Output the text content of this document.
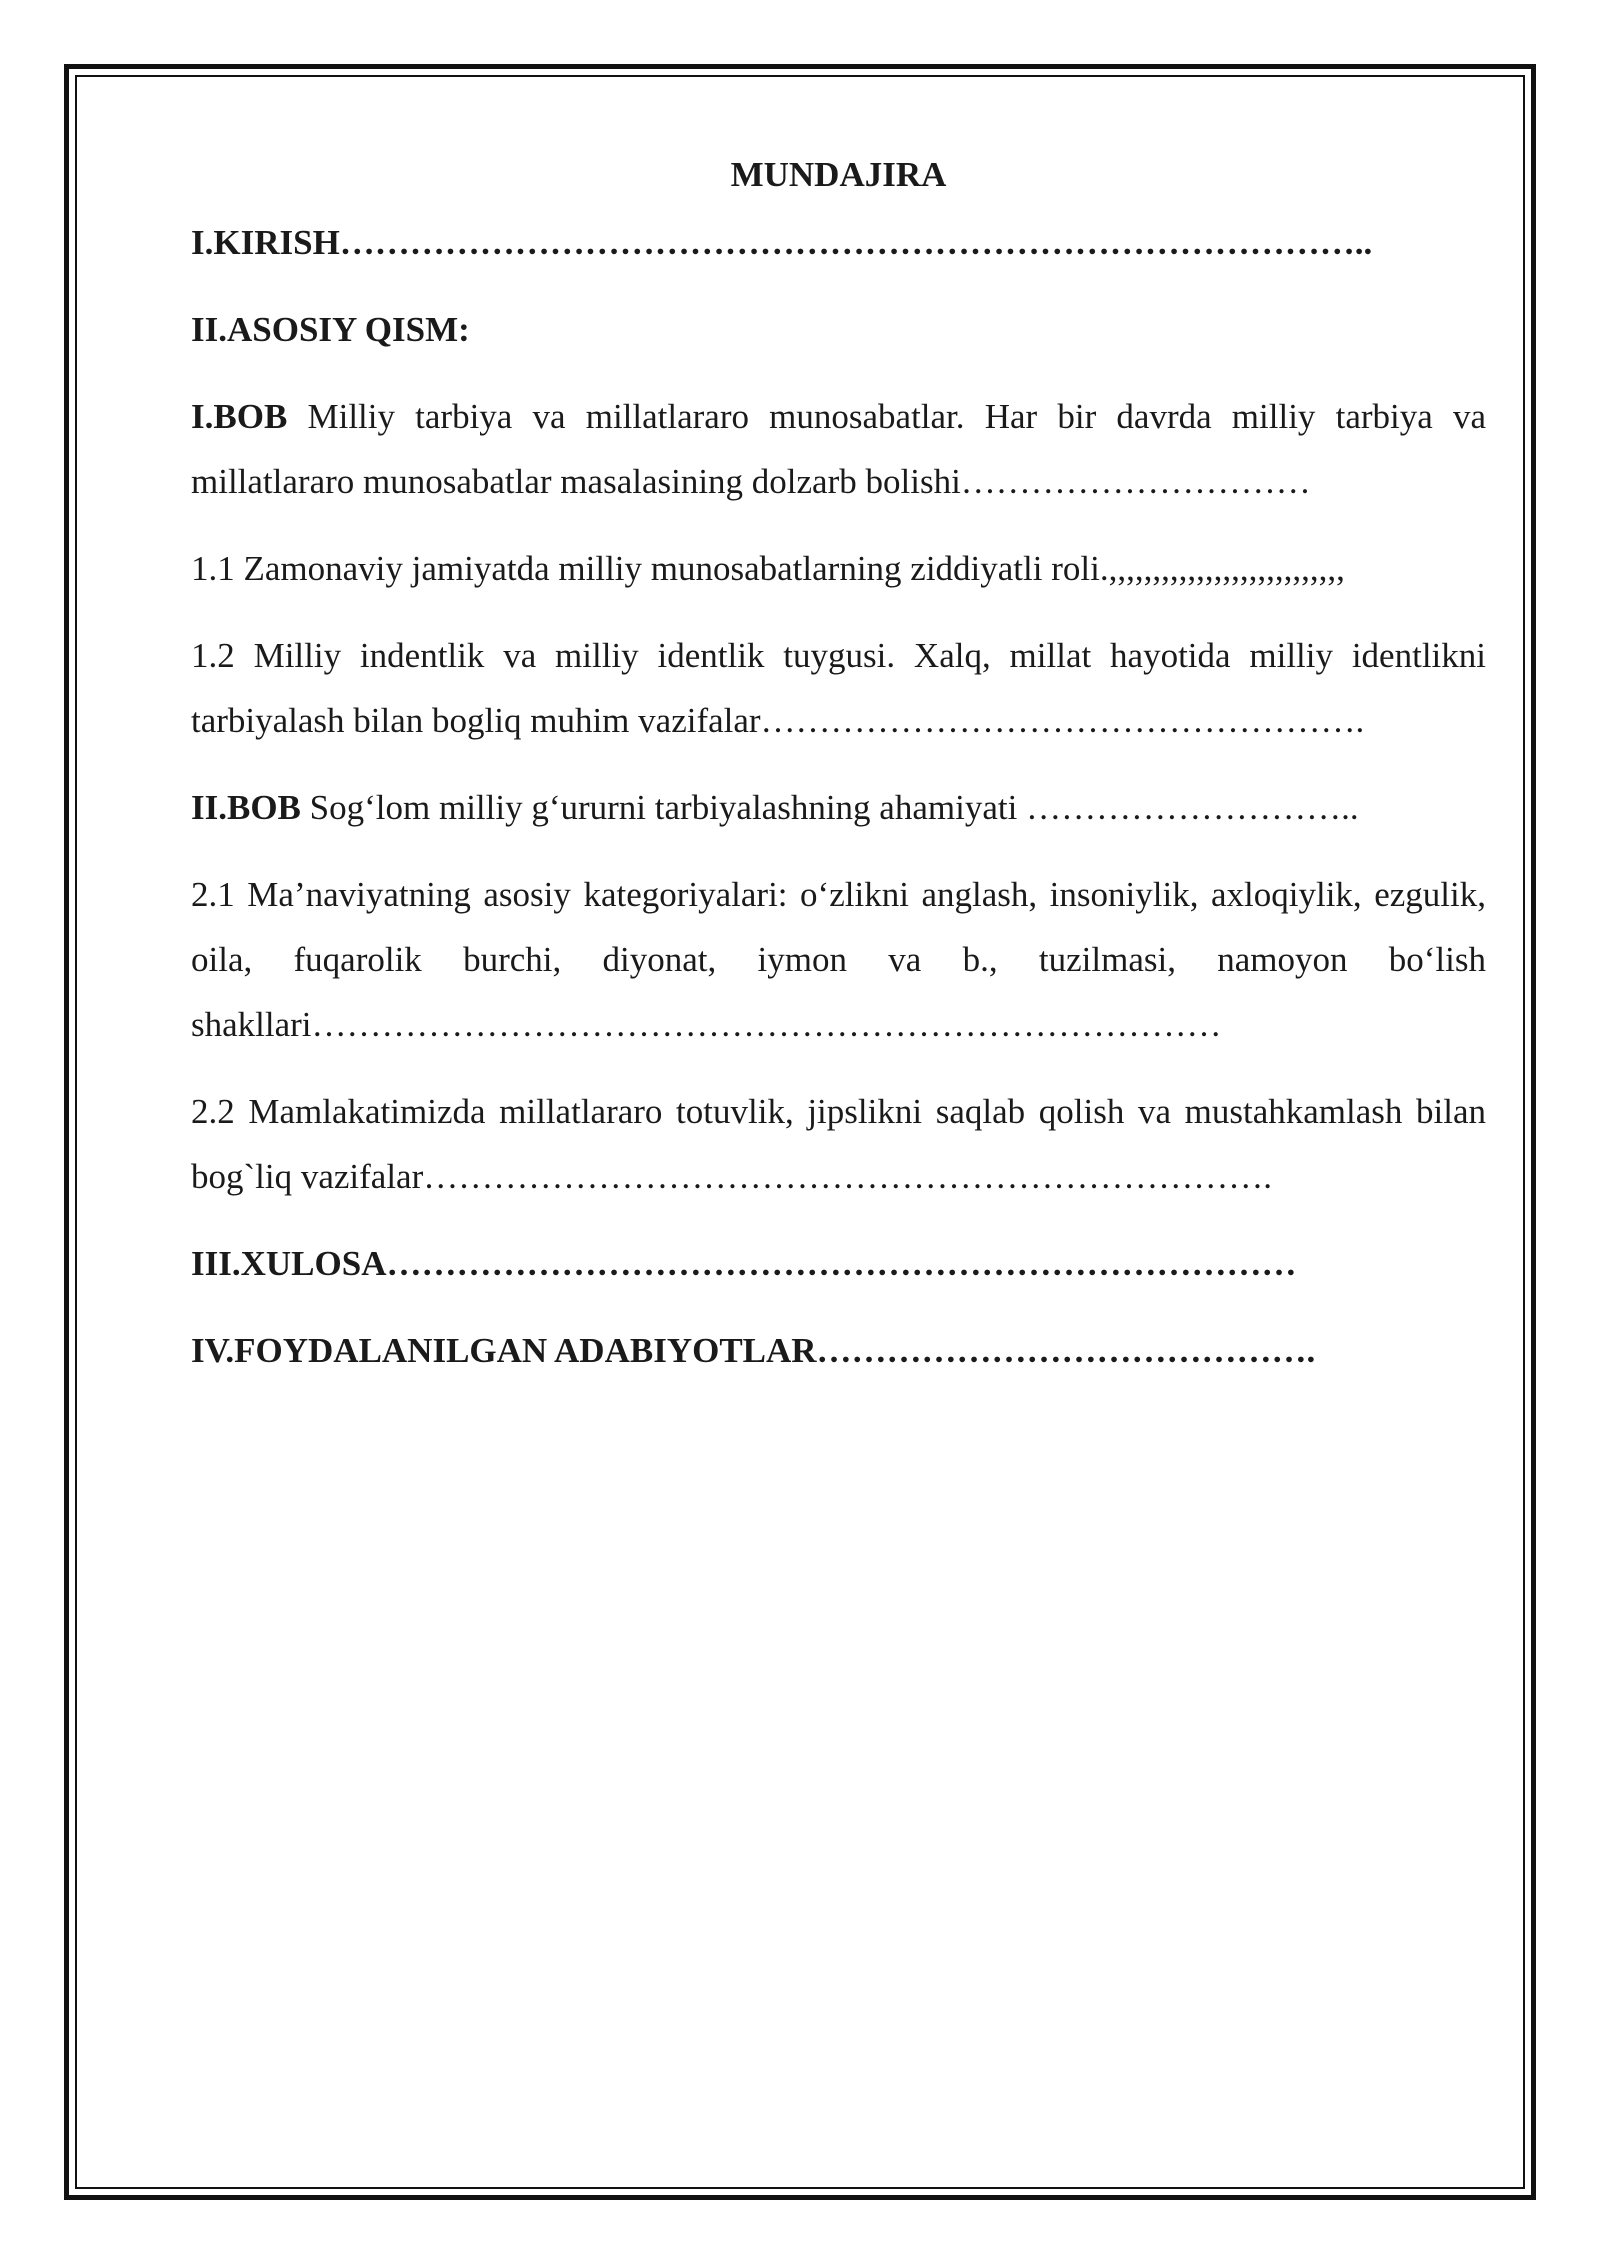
MUNDAJIRA

I.KIRISH……………………………………………………………………………..

II.ASOSIY QISM:

I.BOB Milliy tarbiya va millatlararo munosabatlar. Har bir davrda milliy tarbiya va millatlararo munosabatlar masalasining dolzarb bolishi…………………………

1.1 Zamonaviy jamiyatda milliy munosabatlarning ziddiyatli roli.,,,,,,,,,,,,,,,,,,,,,,,,,,,

1.2 Milliy indentlik va milliy identlik tuygusi. Xalq, millat hayotida milliy identlikni tarbiyalash bilan bogliq muhim vazifalar…………………………………………….

II.BOB Sog‘lom milliy g‘ururni tarbiyalashning ahamiyati ………………………..

2.1 Ma’naviyatning asosiy kategoriyalari: o‘zlikni anglash, insoniylik, axloqiylik, ezgulik, oila, fuqarolik burchi, diyonat, iymon va b., tuzilmasi, namoyon bo‘lish shakllari……………………………………………………………………

2.2 Mamlakatimizda millatlararo totuvlik, jipslikni saqlab qolish va mustahkamlash bilan bog`liq vazifalar……………………………………………………………….

III.XULOSA……………………………………………………………………

IV.FOYDALANILGAN ADABIYOTLAR…………………………………….
